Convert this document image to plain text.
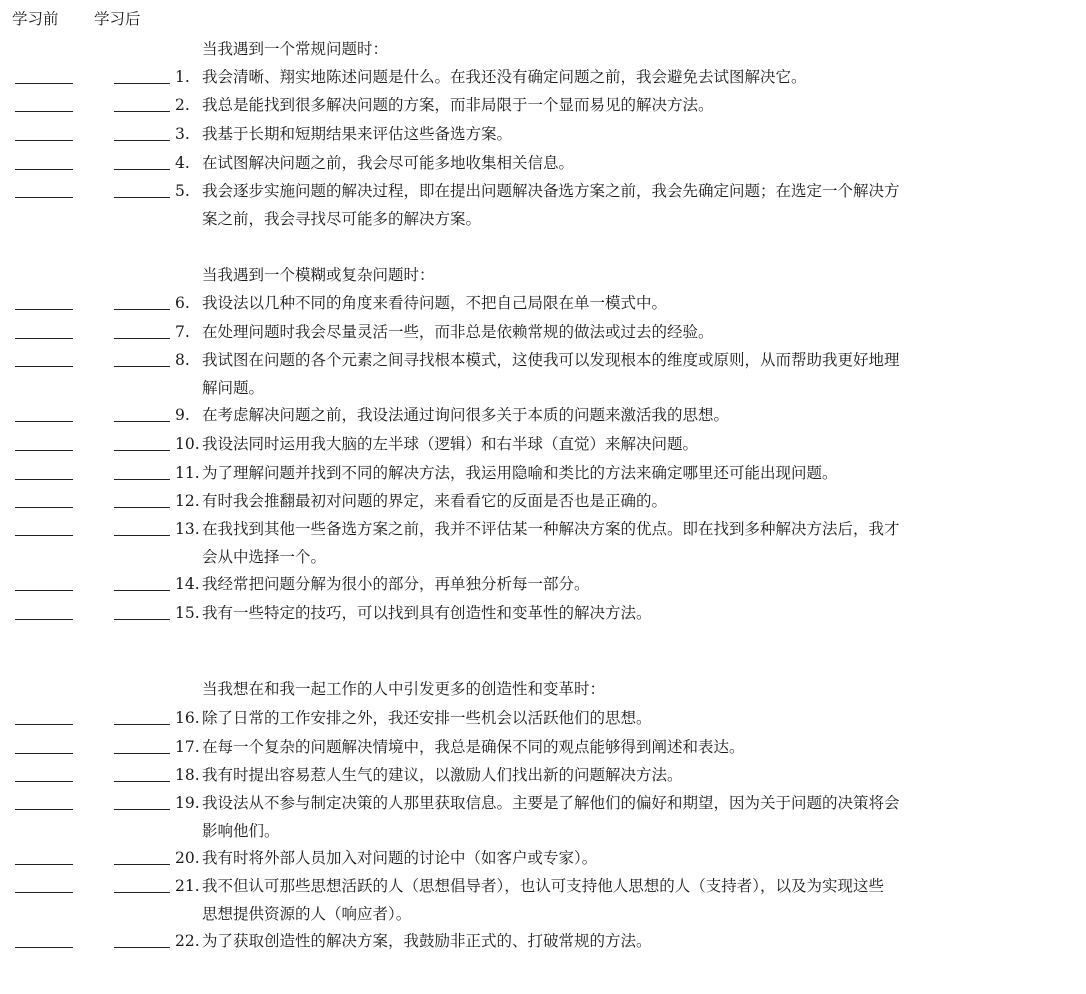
学习前 学习后
当我遇到一个常规问题时：
当我遇到一个模糊或复杂问题时：
当我想在和我一起工作的人中引发更多的创造性和变革时：
1. 我会清晰、翔实地陈述问题是什么。在我还没有确定问题之前，我会避免去试图解决它。
2. 我总是能找到很多解决问题的方案，而非局限于一个显而易见的解决方法。
3. 我基于长期和短期结果来评估这些备选方案。
4. 在试图解决问题之前，我会尽可能多地收集相关信息。
5. 我会逐步实施问题的解决过程，即在提出问题解决备选方案之前，我会先确定问题；在选定一个解决方
案之前，我会寻找尽可能多的解决方案。
6. 我设法以几种不同的角度来看待问题，不把自己局限在单一模式中。
7. 在处理问题时我会尽量灵活一些，而非总是依赖常规的做法或过去的经验。
8. 我试图在问题的各个元素之间寻找根本模式，这使我可以发现根本的维度或原则，从而帮助我更好地理
解问题。
9. 在考虑解决问题之前，我设法通过询问很多关于本质的问题来激活我的思想。
10. 我设法同时运用我大脑的左半球（逻辑）和右半球（直觉）来解决问题。
11. 为了理解问题并找到不同的解决方法，我运用隐喻和类比的方法来确定哪里还可能出现问题。
12. 有时我会推翻最初对问题的界定，来看看它的反面是否也是正确的。
13. 在我找到其他一些备选方案之前，我并不评估某一种解决方案的优点。即在找到多种解决方法后，我才
会从中选择一个。
14. 我经常把问题分解为很小的部分，再单独分析每一部分。
15. 我有一些特定的技巧，可以找到具有创造性和变革性的解决方法。
16. 除了日常的工作安排之外，我还安排一些机会以活跃他们的思想。
17. 在每一个复杂的问题解决情境中，我总是确保不同的观点能够得到阐述和表达。
18. 我有时提出容易惹人生气的建议，以激励人们找出新的问题解决方法。
19. 我设法从不参与制定决策的人那里获取信息。主要是了解他们的偏好和期望，因为关于问题的决策将会
影响他们。
20. 我有时将外部人员加入对问题的讨论中（如客户或专家）。
21. 我不但认可那些思想活跃的人（思想倡导者），也认可支持他人思想的人（支持者），以及为实现这些
思想提供资源的人（响应者）。
22. 为了获取创造性的解决方案，我鼓励非正式的、打破常规的方法。
